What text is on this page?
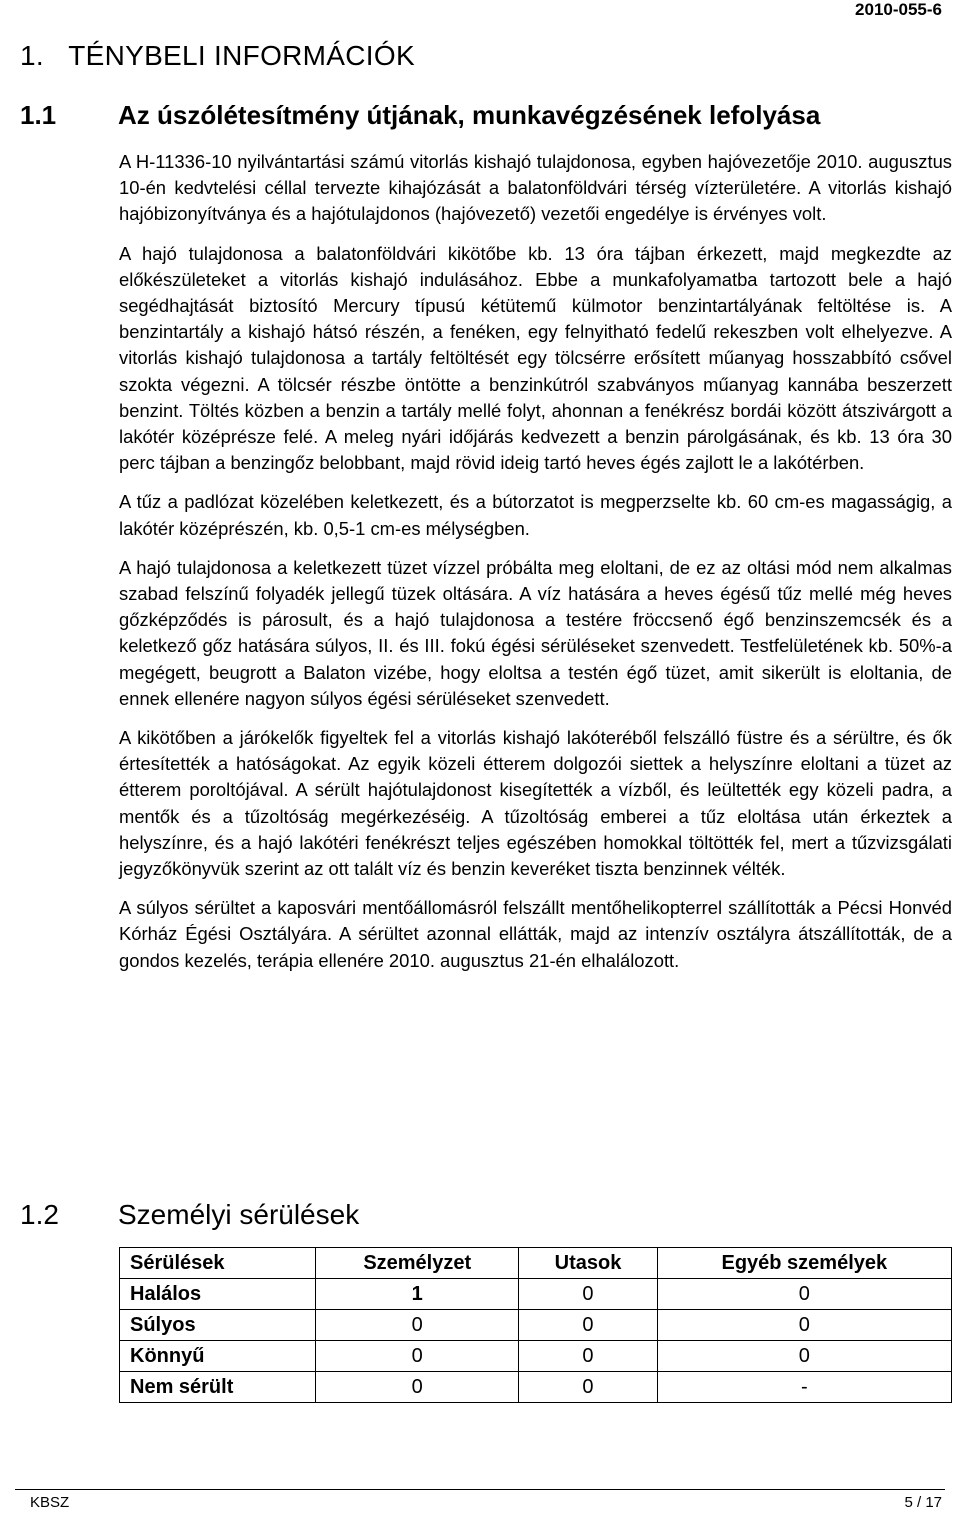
2010-055-6
1. TÉNYBELI INFORMÁCIÓK
1.1 Az úszólétesítmény útjának, munkavégzésének lefolyása

A H-11336-10 nyilvántartási számú vitorlás kishajó tulajdonosa, egyben hajóvezetője 2010. augusztus 10-én kedvtelési céllal tervezte kihajózását a balatonföldvári térség vízterületére. A vitorlás kishajó hajóbizonyítványa és a hajótulajdonos (hajóvezető) vezetői engedélye is érvényes volt.

A hajó tulajdonosa a balatonföldvári kikötőbe kb. 13 óra tájban érkezett, majd megkezdte az előkészületeket a vitorlás kishajó indulásához. Ebbe a munkafolyamatba tartozott bele a hajó segédhajtását biztosító Mercury típusú kétütemű külmotor benzintartályának feltöltése is. A benzintartály a kishajó hátsó részén, a fenéken, egy felnyitható fedelű rekeszben volt elhelyezve. A vitorlás kishajó tulajdonosa a tartály feltöltését egy tölcsérre erősített műanyag hosszabbító csővel szokta végezni. A tölcsér részbe öntötte a benzinkútról szabványos műanyag kannába beszerzett benzint. Töltés közben a benzin a tartály mellé folyt, ahonnan a fenékrész bordái között átszivárgott a lakótér középrésze felé. A meleg nyári időjárás kedvezett a benzin párolgásának, és kb. 13 óra 30 perc tájban a benzingőz belobbant, majd rövid ideig tartó heves égés zajlott le a lakótérben.

A tűz a padlózat közelében keletkezett, és a bútorzatot is megperzselte kb. 60 cm-es magasságig, a lakótér középrészén, kb. 0,5-1 cm-es mélységben.

A hajó tulajdonosa a keletkezett tüzet vízzel próbálta meg eloltani, de ez az oltási mód nem alkalmas szabad felszínű folyadék jellegű tüzek oltására. A víz hatására a heves égésű tűz mellé még heves gőzképződés is párosult, és a hajó tulajdonosa a testére fröccsenő égő benzinszemcsék és a keletkező gőz hatására súlyos, II. és III. fokú égési sérüléseket szenvedett. Testfelületének kb. 50%-a megégett, beugrott a Balaton vizébe, hogy eloltsa a testén égő tüzet, amit sikerült is eloltania, de ennek ellenére nagyon súlyos égési sérüléseket szenvedett.

A kikötőben a járókelők figyeltek fel a vitorlás kishajó lakóteréből felszálló füstre és a sérültre, és ők értesítették a hatóságokat. Az egyik közeli étterem dolgozói siettek a helyszínre eloltani a tüzet az étterem poroltójával. A sérült hajótulajdonost kisegítették a vízből, és leültették egy közeli padra, a mentők és a tűzoltóság megérkezéséig. A tűzoltóság emberei a tűz eloltása után érkeztek a helyszínre, és a hajó lakótéri fenékrészt teljes egészében homokkal töltötték fel, mert a tűzvizsgálati jegyzőkönyvük szerint az ott talált víz és benzin keveréket tiszta benzinnek vélték.

A súlyos sérültet a kaposvári mentőállomásról felszállt mentőhelikopterrel szállították a Pécsi Honvéd Kórház Égési Osztályára. A sérültet azonnal ellátták, majd az intenzív osztályra átszállították, de a gondos kezelés, terápia ellenére 2010. augusztus 21-én elhalálozott.

1.2 Személyi sérülések
Sérülések	Személyzet	Utasok	Egyéb személyek
Halálos	1	0	0
Súlyos	0	0	0
Könnyű	0	0	0
Nem sérült	0	0	-
KBSZ	5 / 17
